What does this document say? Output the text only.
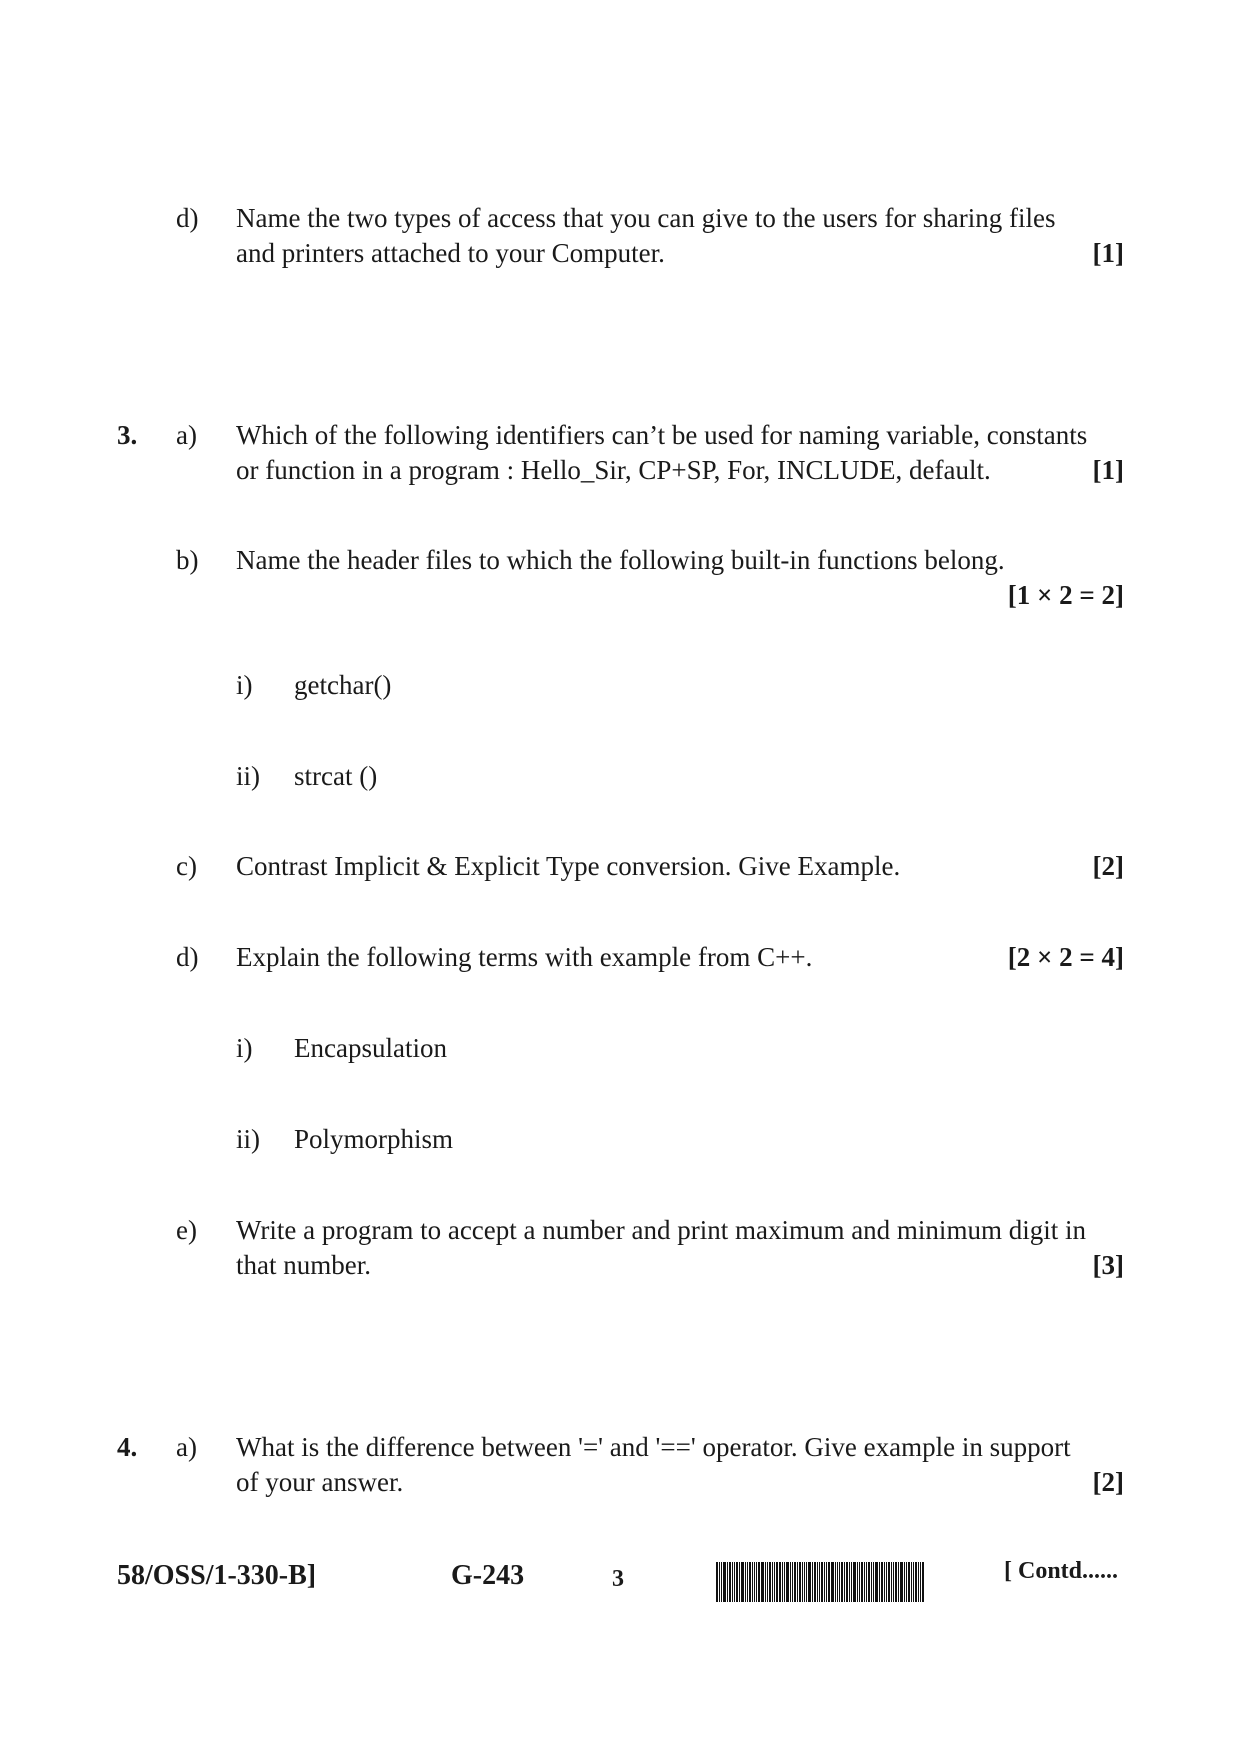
d) Name the two types of access that you can give to the users for sharing files
and printers attached to your Computer.	[1]
3. a) Which of the following identifiers can’t be used for naming variable, constants
or function in a program : Hello_Sir, CP+SP, For, INCLUDE, default.	[1]
b) Name the header files to which the following built-in functions belong.
[1 × 2 = 2]
i) getchar()
ii) strcat ()
c) Contrast Implicit & Explicit Type conversion. Give Example.	[2]
d) Explain the following terms with example from C++.	[2 × 2 = 4]
i) Encapsulation
ii) Polymorphism
e) Write a program to accept a number and print maximum and minimum digit in
that number.	[3]
4. a) What is the difference between '=' and '==' operator. Give example in support
of your answer.	[2]
58/OSS/1-330-B]	G-243	3	[ Contd......
